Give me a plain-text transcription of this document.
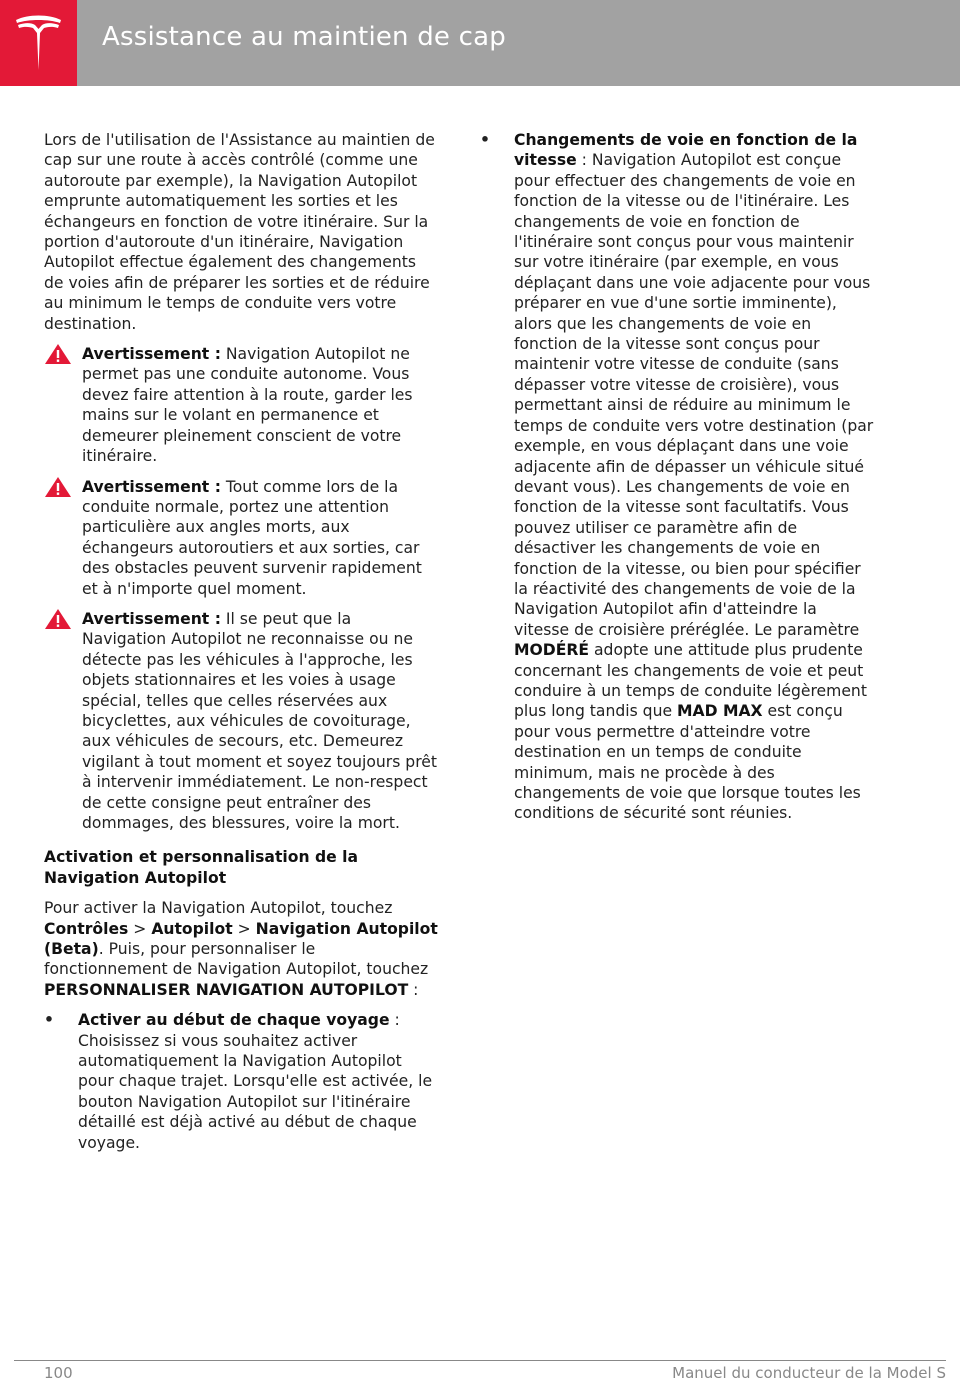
Assistance au maintien de cap

Lors de l'utilisation de l'Assistance au maintien de cap sur une route à accès contrôlé (comme une autoroute par exemple), la Navigation Autopilot emprunte automatiquement les sorties et les échangeurs en fonction de votre itinéraire. Sur la portion d'autoroute d'un itinéraire, Navigation Autopilot effectue également des changements de voies afin de préparer les sorties et de réduire au minimum le temps de conduite vers votre destination.

Avertissement : Navigation Autopilot ne permet pas une conduite autonome. Vous devez faire attention à la route, garder les mains sur le volant en permanence et demeurer pleinement conscient de votre itinéraire.
Avertissement : Tout comme lors de la conduite normale, portez une attention particulière aux angles morts, aux échangeurs autoroutiers et aux sorties, car des obstacles peuvent survenir rapidement et à n'importe quel moment.
Avertissement : Il se peut que la Navigation Autopilot ne reconnaisse ou ne détecte pas les véhicules à l'approche, les objets stationnaires et les voies à usage spécial, telles que celles réservées aux bicyclettes, aux véhicules de covoiturage, aux véhicules de secours, etc. Demeurez vigilant à tout moment et soyez toujours prêt à intervenir immédiatement. Le non-respect de cette consigne peut entraîner des dommages, des blessures, voire la mort.
Activation et personnalisation de la Navigation Autopilot

Pour activer la Navigation Autopilot, touchez Contrôles > Autopilot > Navigation Autopilot (Beta). Puis, pour personnaliser le fonctionnement de Navigation Autopilot, touchez PERSONNALISER NAVIGATION AUTOPILOT :

• Activer au début de chaque voyage : Choisissez si vous souhaitez activer automatiquement la Navigation Autopilot pour chaque trajet. Lorsqu'elle est activée, le bouton Navigation Autopilot sur l'itinéraire détaillé est déjà activé au début de chaque voyage.
• Changements de voie en fonction de la vitesse : Navigation Autopilot est conçue pour effectuer des changements de voie en fonction de la vitesse ou de l'itinéraire. Les changements de voie en fonction de l'itinéraire sont conçus pour vous maintenir sur votre itinéraire (par exemple, en vous déplaçant dans une voie adjacente pour vous préparer en vue d'une sortie imminente), alors que les changements de voie en fonction de la vitesse sont conçus pour maintenir votre vitesse de conduite (sans dépasser votre vitesse de croisière), vous permettant ainsi de réduire au minimum le temps de conduite vers votre destination (par exemple, en vous déplaçant dans une voie adjacente afin de dépasser un véhicule situé devant vous). Les changements de voie en fonction de la vitesse sont facultatifs. Vous pouvez utiliser ce paramètre afin de désactiver les changements de voie en fonction de la vitesse, ou bien pour spécifier la réactivité des changements de voie de la Navigation Autopilot afin d'atteindre la vitesse de croisière préréglée. Le paramètre MODÉRÉ adopte une attitude plus prudente concernant les changements de voie et peut conduire à un temps de conduite légèrement plus long tandis que MAD MAX est conçu pour vous permettre d'atteindre votre destination en un temps de conduite minimum, mais ne procède à des changements de voie que lorsque toutes les conditions de sécurité sont réunies.
100	Manuel du conducteur de la Model S
